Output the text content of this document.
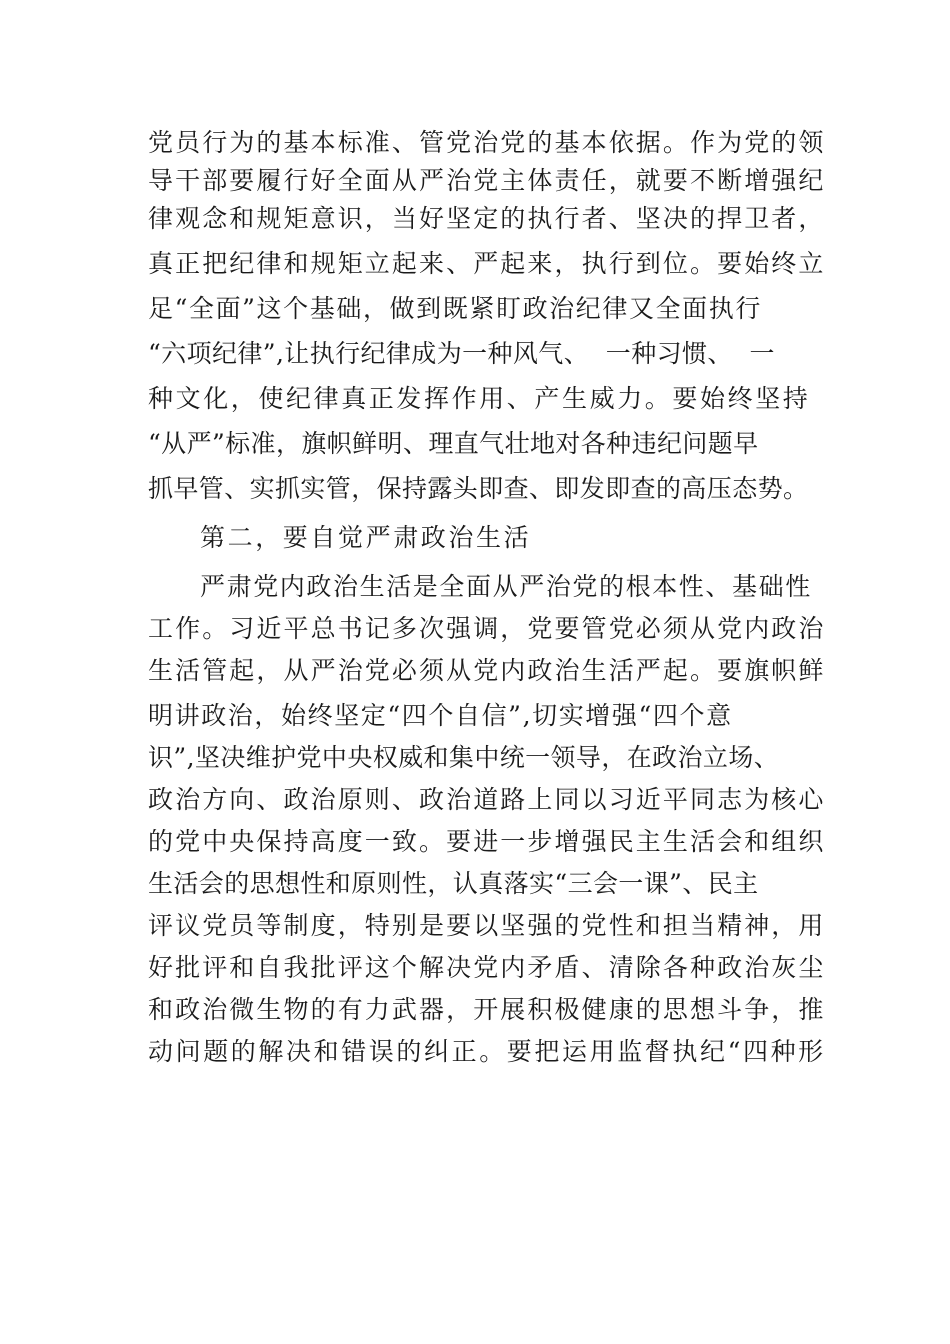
党员行为的基本标准、管党治党的基本依据。作为党的领

导干部要履行好全面从严治党主体责任，就要不断增强纪

律观念和规矩意识，当好坚定的执行者、坚决的捍卫者，

真正把纪律和规矩立起来、严起来，执行到位。要始终立

足“全面”这个基础，做到既紧盯政治纪律又全面执行

“六项纪律”,让执行纪律成为一种风气、  一种习惯、  一

种文化，使纪律真正发挥作用、产生威力。要始终坚持

“从严”标准，旗帜鲜明、理直气壮地对各种违纪问题早

抓早管、实抓实管，保持露头即查、即发即查的高压态势。

第二，要自觉严肃政治生活

严肃党内政治生活是全面从严治党的根本性、基础性

工作。习近平总书记多次强调，党要管党必须从党内政治

生活管起，从严治党必须从党内政治生活严起。要旗帜鲜

明讲政治，始终坚定“四个自信”,切实增强“四个意

识”,坚决维护党中央权威和集中统一领导，在政治立场、

政治方向、政治原则、政治道路上同以习近平同志为核心

的党中央保持高度一致。要进一步增强民主生活会和组织

生活会的思想性和原则性，认真落实“三会一课”、民主

评议党员等制度，特别是要以坚强的党性和担当精神，用

好批评和自我批评这个解决党内矛盾、清除各种政治灰尘

和政治微生物的有力武器，开展积极健康的思想斗争，推

动问题的解决和错误的纠正。要把运用监督执纪“四种形
